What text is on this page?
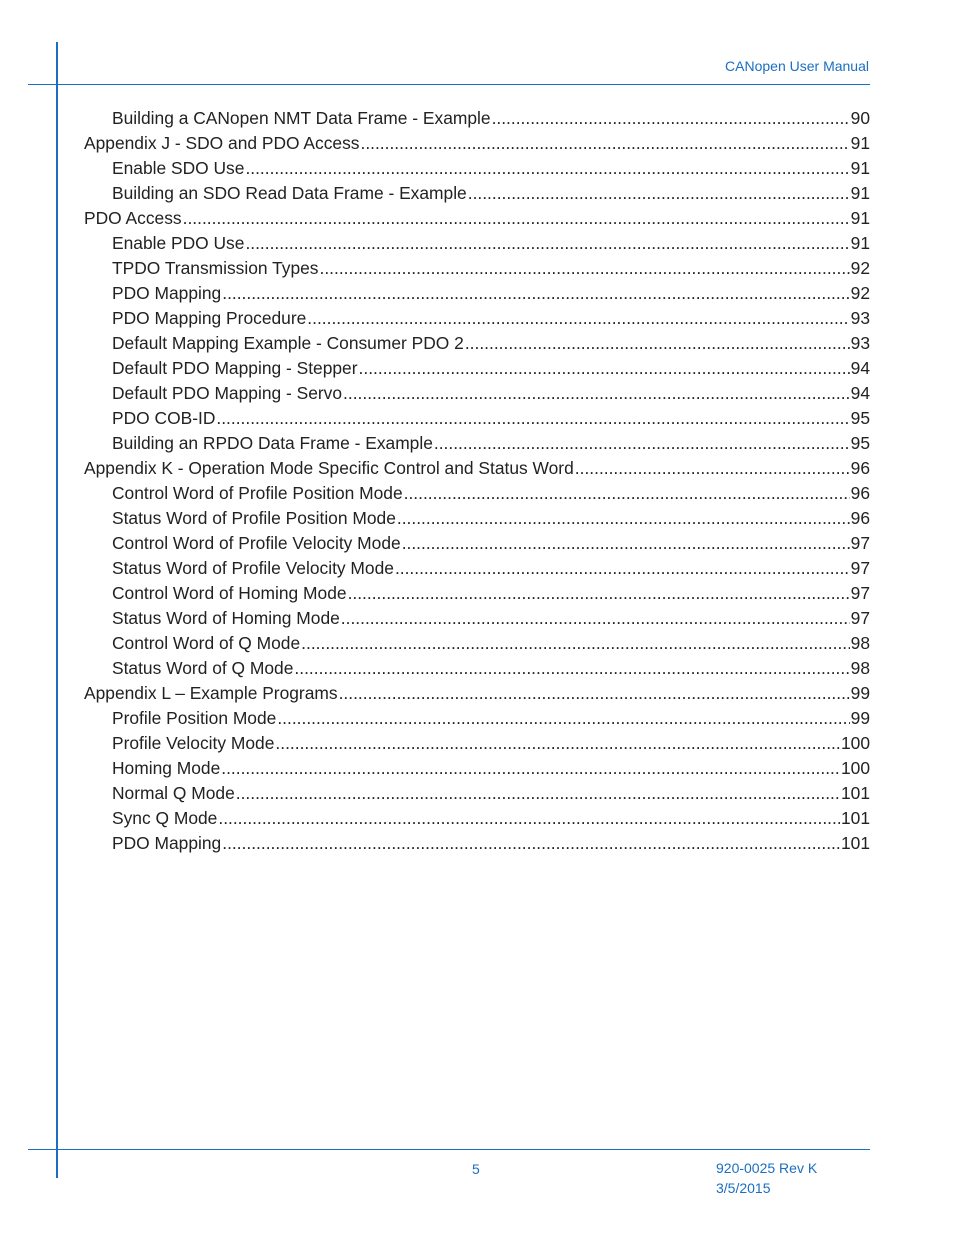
CANopen User Manual
Building a CANopen NMT Data Frame - Example .....	90
Appendix J - SDO and PDO Access .....	91
Enable SDO Use .....	91
Building an SDO Read Data Frame - Example .....	91
PDO Access .....	91
Enable PDO Use .....	91
TPDO Transmission Types .....	92
PDO Mapping .....	92
PDO Mapping Procedure .....	93
Default Mapping Example - Consumer PDO 2 .....	93
Default PDO Mapping - Stepper .....	94
Default PDO Mapping - Servo .....	94
PDO COB-ID .....	95
Building an RPDO Data Frame - Example .....	95
Appendix K - Operation Mode Specific Control and Status Word .....	96
Control Word of Profile Position Mode .....	96
Status Word of Profile Position Mode .....	96
Control Word of Profile Velocity Mode .....	97
Status Word of Profile Velocity Mode .....	97
Control Word of Homing Mode .....	97
Status Word of Homing Mode .....	97
Control Word of Q Mode .....	98
Status Word of Q Mode .....	98
Appendix L – Example Programs .....	99
Profile Position Mode .....	99
Profile Velocity Mode .....	100
Homing Mode .....	100
Normal Q Mode .....	101
Sync Q Mode .....	101
PDO Mapping .....	101
5	920-0025 Rev K
3/5/2015
